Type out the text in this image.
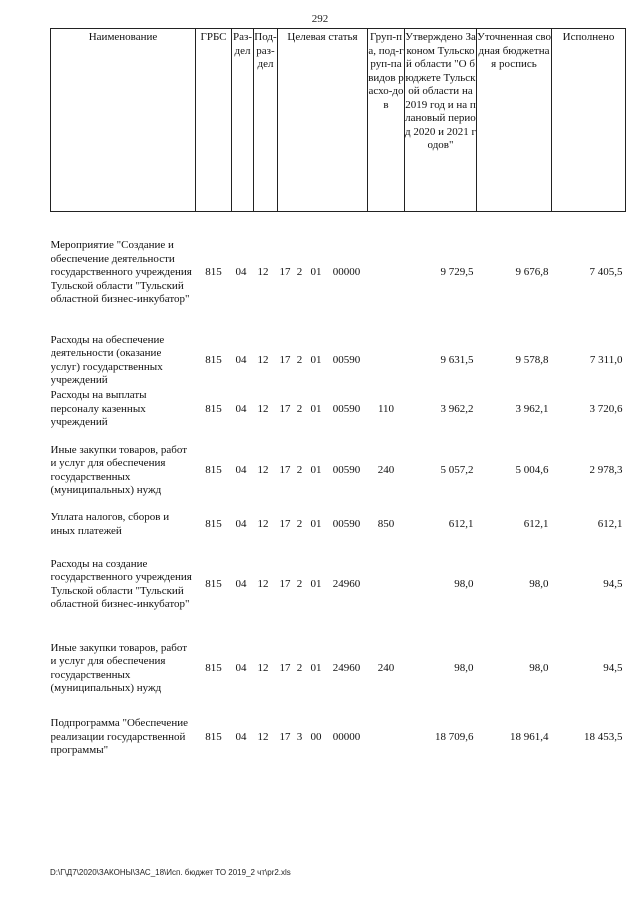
292
Наименование	ГРБС	Раз-дел	Под-раз-дел	Целевая статья				Груп-па, под-груп-па видов расхо-дов	Утверждено Законом Тульской области "О бюджете Тульской области на 2019 год и на плановый период 2020 и 2021 годов"	Уточненная сводная бюджетная роспись	Исполнено
Мероприятие "Создание и обеспечение деятельности государственного учреждения Тульской области "Тульский областной бизнес-инкубатор"	815	04	12	17	2	01	00000		9 729,5	9 676,8	7 405,5
Расходы на обеспечение деятельности (оказание услуг) государственных учреждений	815	04	12	17	2	01	00590		9 631,5	9 578,8	7 311,0
Расходы на выплаты персоналу казенных учреждений	815	04	12	17	2	01	00590	110	3 962,2	3 962,1	3 720,6
Иные закупки товаров, работ и услуг для обеспечения государственных (муниципальных) нужд	815	04	12	17	2	01	00590	240	5 057,2	5 004,6	2 978,3
Уплата налогов, сборов и иных платежей	815	04	12	17	2	01	00590	850	612,1	612,1	612,1
Расходы на создание государственного учреждения Тульской области "Тульский областной бизнес-инкубатор"	815	04	12	17	2	01	24960		98,0	98,0	94,5
Иные закупки товаров, работ и услуг для обеспечения государственных (муниципальных) нужд	815	04	12	17	2	01	24960	240	98,0	98,0	94,5
Подпрограмма "Обеспечение реализации государственной программы"	815	04	12	17	3	00	00000		18 709,6	18 961,4	18 453,5
D:\Г\Д7\2020\ЗАКОНЫ\ЗАС_18\Исп. бюджет ТО 2019_2 чт\pr2.xls
